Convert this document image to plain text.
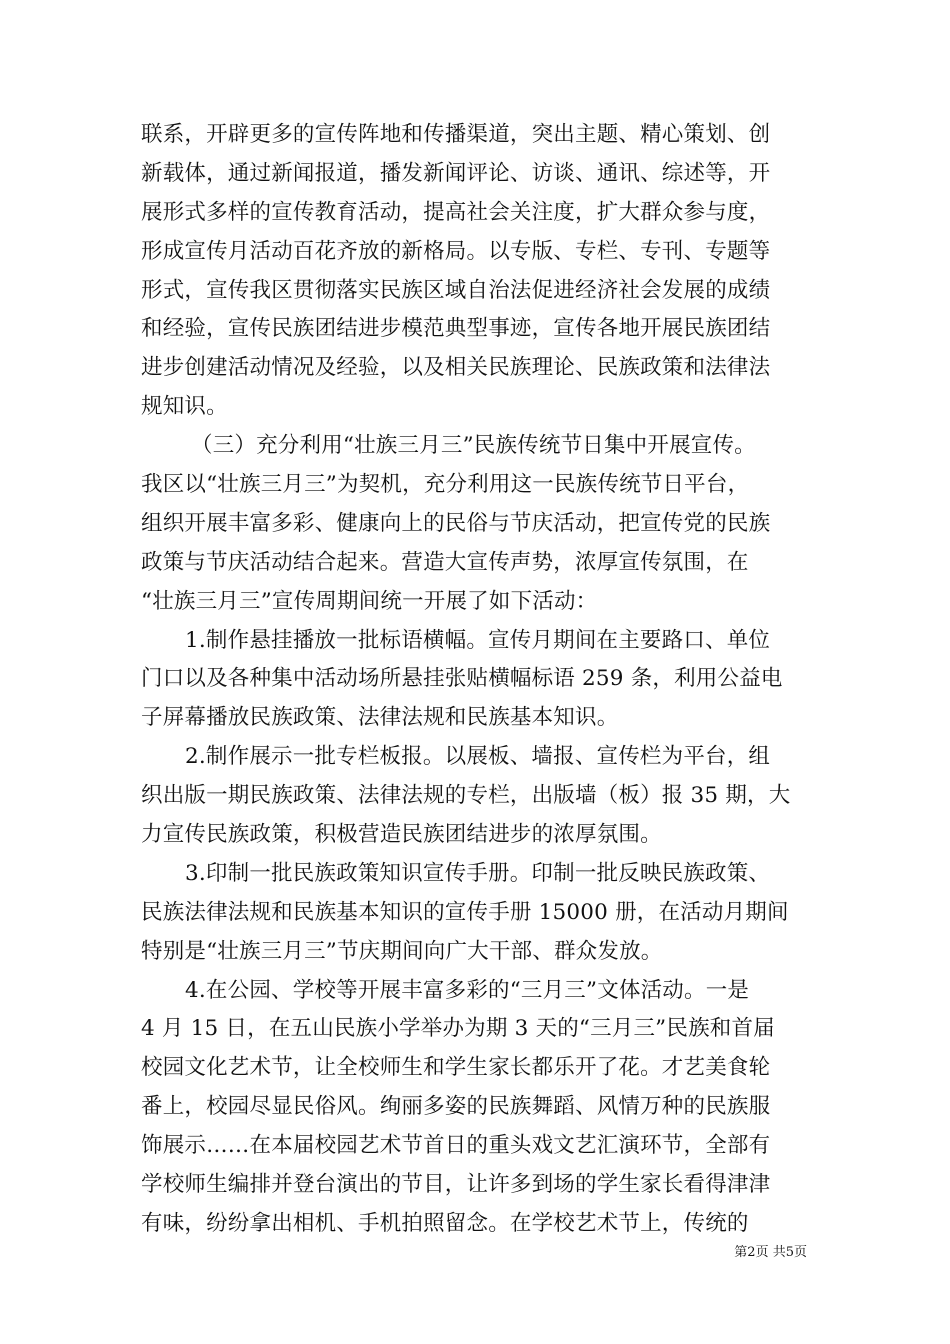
联系，开辟更多的宣传阵地和传播渠道，突出主题、精心策划、创
新载体，通过新闻报道，播发新闻评论、访谈、通讯、综述等，开
展形式多样的宣传教育活动，提高社会关注度，扩大群众参与度，
形成宣传月活动百花齐放的新格局。以专版、专栏、专刊、专题等
形式，宣传我区贯彻落实民族区域自治法促进经济社会发展的成绩
和经验，宣传民族团结进步模范典型事迹，宣传各地开展民族团结
进步创建活动情况及经验，以及相关民族理论、民族政策和法律法
规知识。
（三）充分利用“壮族三月三”民族传统节日集中开展宣传。
我区以“壮族三月三”为契机，充分利用这一民族传统节日平台，
组织开展丰富多彩、健康向上的民俗与节庆活动，把宣传党的民族
政策与节庆活动结合起来。营造大宣传声势，浓厚宣传氛围，在
“壮族三月三”宣传周期间统一开展了如下活动：
1.制作悬挂播放一批标语横幅。宣传月期间在主要路口、单位
门口以及各种集中活动场所悬挂张贴横幅标语 259 条，利用公益电
子屏幕播放民族政策、法律法规和民族基本知识。
2.制作展示一批专栏板报。以展板、墙报、宣传栏为平台，组
织出版一期民族政策、法律法规的专栏，出版墙（板）报 35 期，大
力宣传民族政策，积极营造民族团结进步的浓厚氛围。
3.印制一批民族政策知识宣传手册。印制一批反映民族政策、
民族法律法规和民族基本知识的宣传手册 15000 册，在活动月期间
特别是“壮族三月三”节庆期间向广大干部、群众发放。
4.在公园、学校等开展丰富多彩的“三月三”文体活动。一是
4 月 15 日，在五山民族小学举办为期 3 天的“三月三”民族和首届
校园文化艺术节，让全校师生和学生家长都乐开了花。才艺美食轮
番上，校园尽显民俗风。绚丽多姿的民族舞蹈、风情万种的民族服
饰展示……在本届校园艺术节首日的重头戏文艺汇演环节，全部有
学校师生编排并登台演出的节目，让许多到场的学生家长看得津津
有味，纷纷拿出相机、手机拍照留念。在学校艺术节上，传统的
第2页 共5页
